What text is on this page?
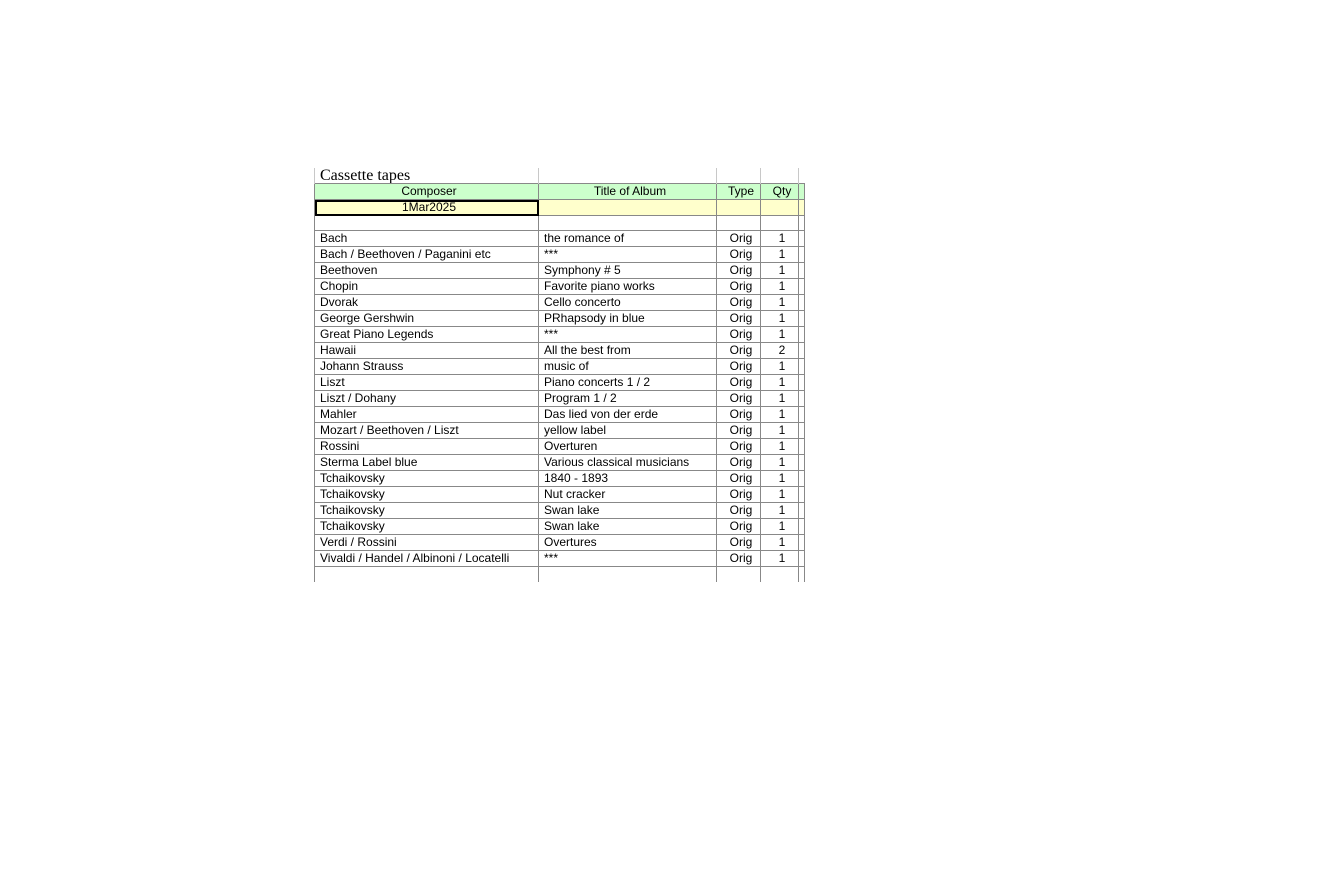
Cassette tapes				
Composer	Title of Album	Type	Qty	
1Mar2025				

Bach	the romance of	Orig	1	
Bach / Beethoven / Paganini etc	***	Orig	1	
Beethoven	Symphony # 5	Orig	1	
Chopin	Favorite piano works	Orig	1	
Dvorak	Cello concerto	Orig	1	
George Gershwin	PRhapsody in blue	Orig	1	
Great Piano Legends	***	Orig	1	
Hawaii	All the best from	Orig	2	
Johann Strauss	music of	Orig	1	
Liszt	Piano concerts 1 / 2	Orig	1	
Liszt / Dohany	Program 1 / 2	Orig	1	
Mahler	Das lied von der erde	Orig	1	
Mozart / Beethoven / Liszt	yellow label	Orig	1	
Rossini	Overturen	Orig	1	
Sterma Label blue	Various classical musicians	Orig	1	
Tchaikovsky	1840 - 1893	Orig	1	
Tchaikovsky	Nut cracker	Orig	1	
Tchaikovsky	Swan lake	Orig	1	
Tchaikovsky	Swan lake	Orig	1	
Verdi / Rossini	Overtures	Orig	1	
Vivaldi / Handel / Albinoni / Locatelli	***	Orig	1	
